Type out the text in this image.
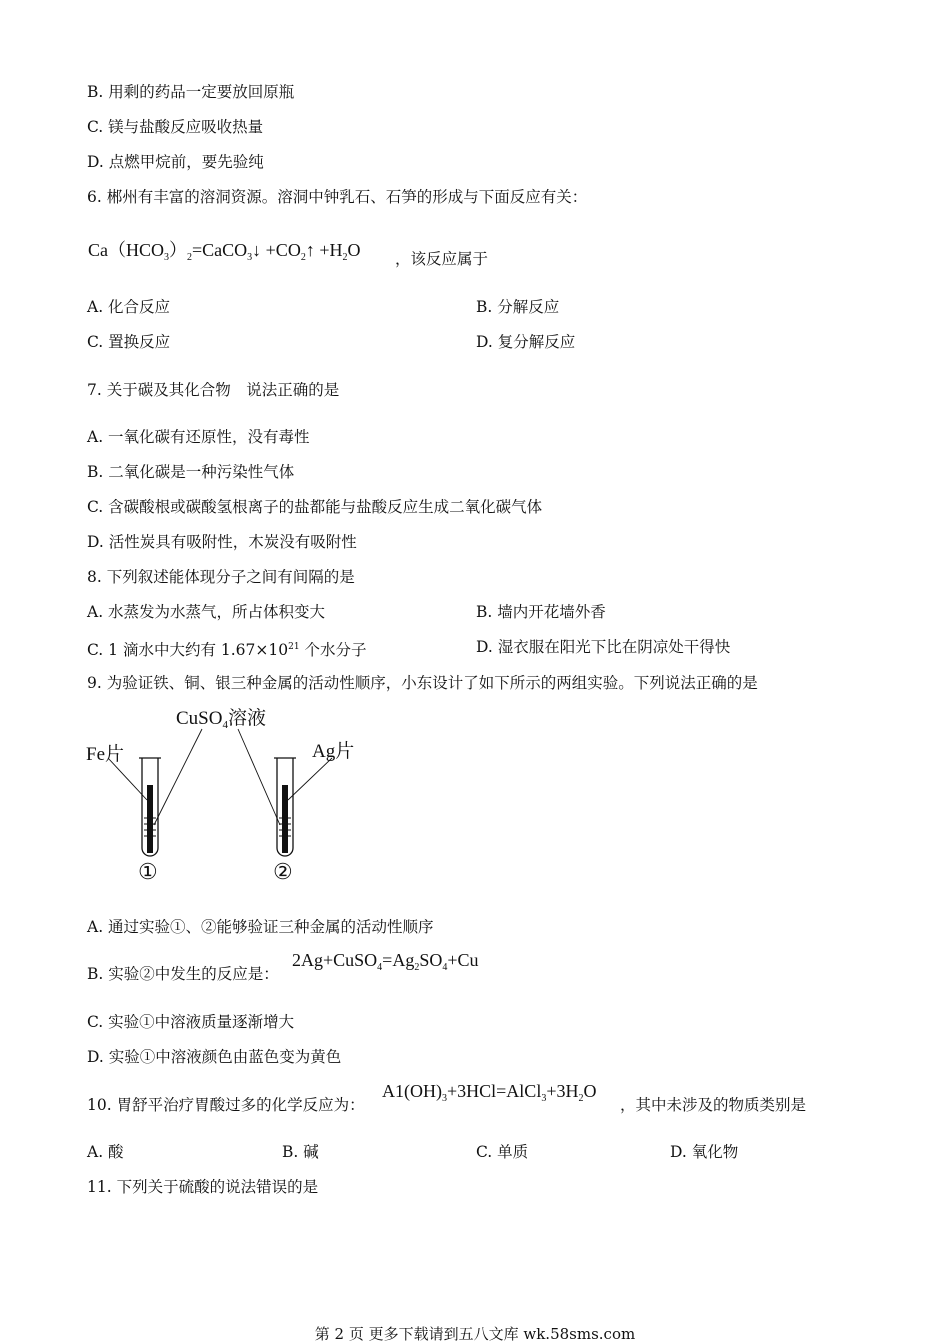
B. 用剩的药品一定要放回原瓶
C. 镁与盐酸反应吸收热量
D. 点燃甲烷前，要先验纯
6. 郴州有丰富的溶洞资源。溶洞中钟乳石、石笋的形成与下面反应有关：
$Ca(HCO_3)_2=CaCO_3↓$ $+CO_2↑ +H_2O$ ，该反应属于
A. 化合反应	B. 分解反应
C. 置换反应	D. 复分解反应
7. 关于碳及其化合物　说法正确的是
A. 一氧化碳有还原性，没有毒性
B. 二氧化碳是一种污染性气体
C. 含碳酸根或碳酸氢根离子的盐都能与盐酸反应生成二氧化碳气体
D. 活性炭具有吸附性，木炭没有吸附性
8. 下列叙述能体现分子之间有间隔的是
A. 水蒸发为水蒸气，所占体积变大	B. 墙内开花墙外香
C. 1 滴水中大约有 $1.67\times 10^{21}$ 个水分子	D. 湿衣服在阳光下比在阴凉处干得快
9. 为验证铁、铜、银三种金属的活动性顺序，小东设计了如下所示的两组实验。下列说法正确的是
CuSO$_4$溶液
Fe片	Ag片
①	②
A. 通过实验①、②能够验证三种金属的活动性顺序
B. 实验②中发生的反应是：
$2Ag+CuSO_4=Ag_2SO_4+Cu$
C. 实验①中溶液质量逐渐增大
D. 实验①中溶液颜色由蓝色变为黄色
10. 胃舒平治疗胃酸过多的化学反应为：
$A1(OH)_3+3HCl=AlCl_3+3H_2O$
，其中未涉及的物质类别是
A. 酸	B. 碱	C. 单质	D. 氧化物
11. 下列关于硫酸的说法错误的是
第 2 页 更多下载请到五八文库 wk.58sms.com
